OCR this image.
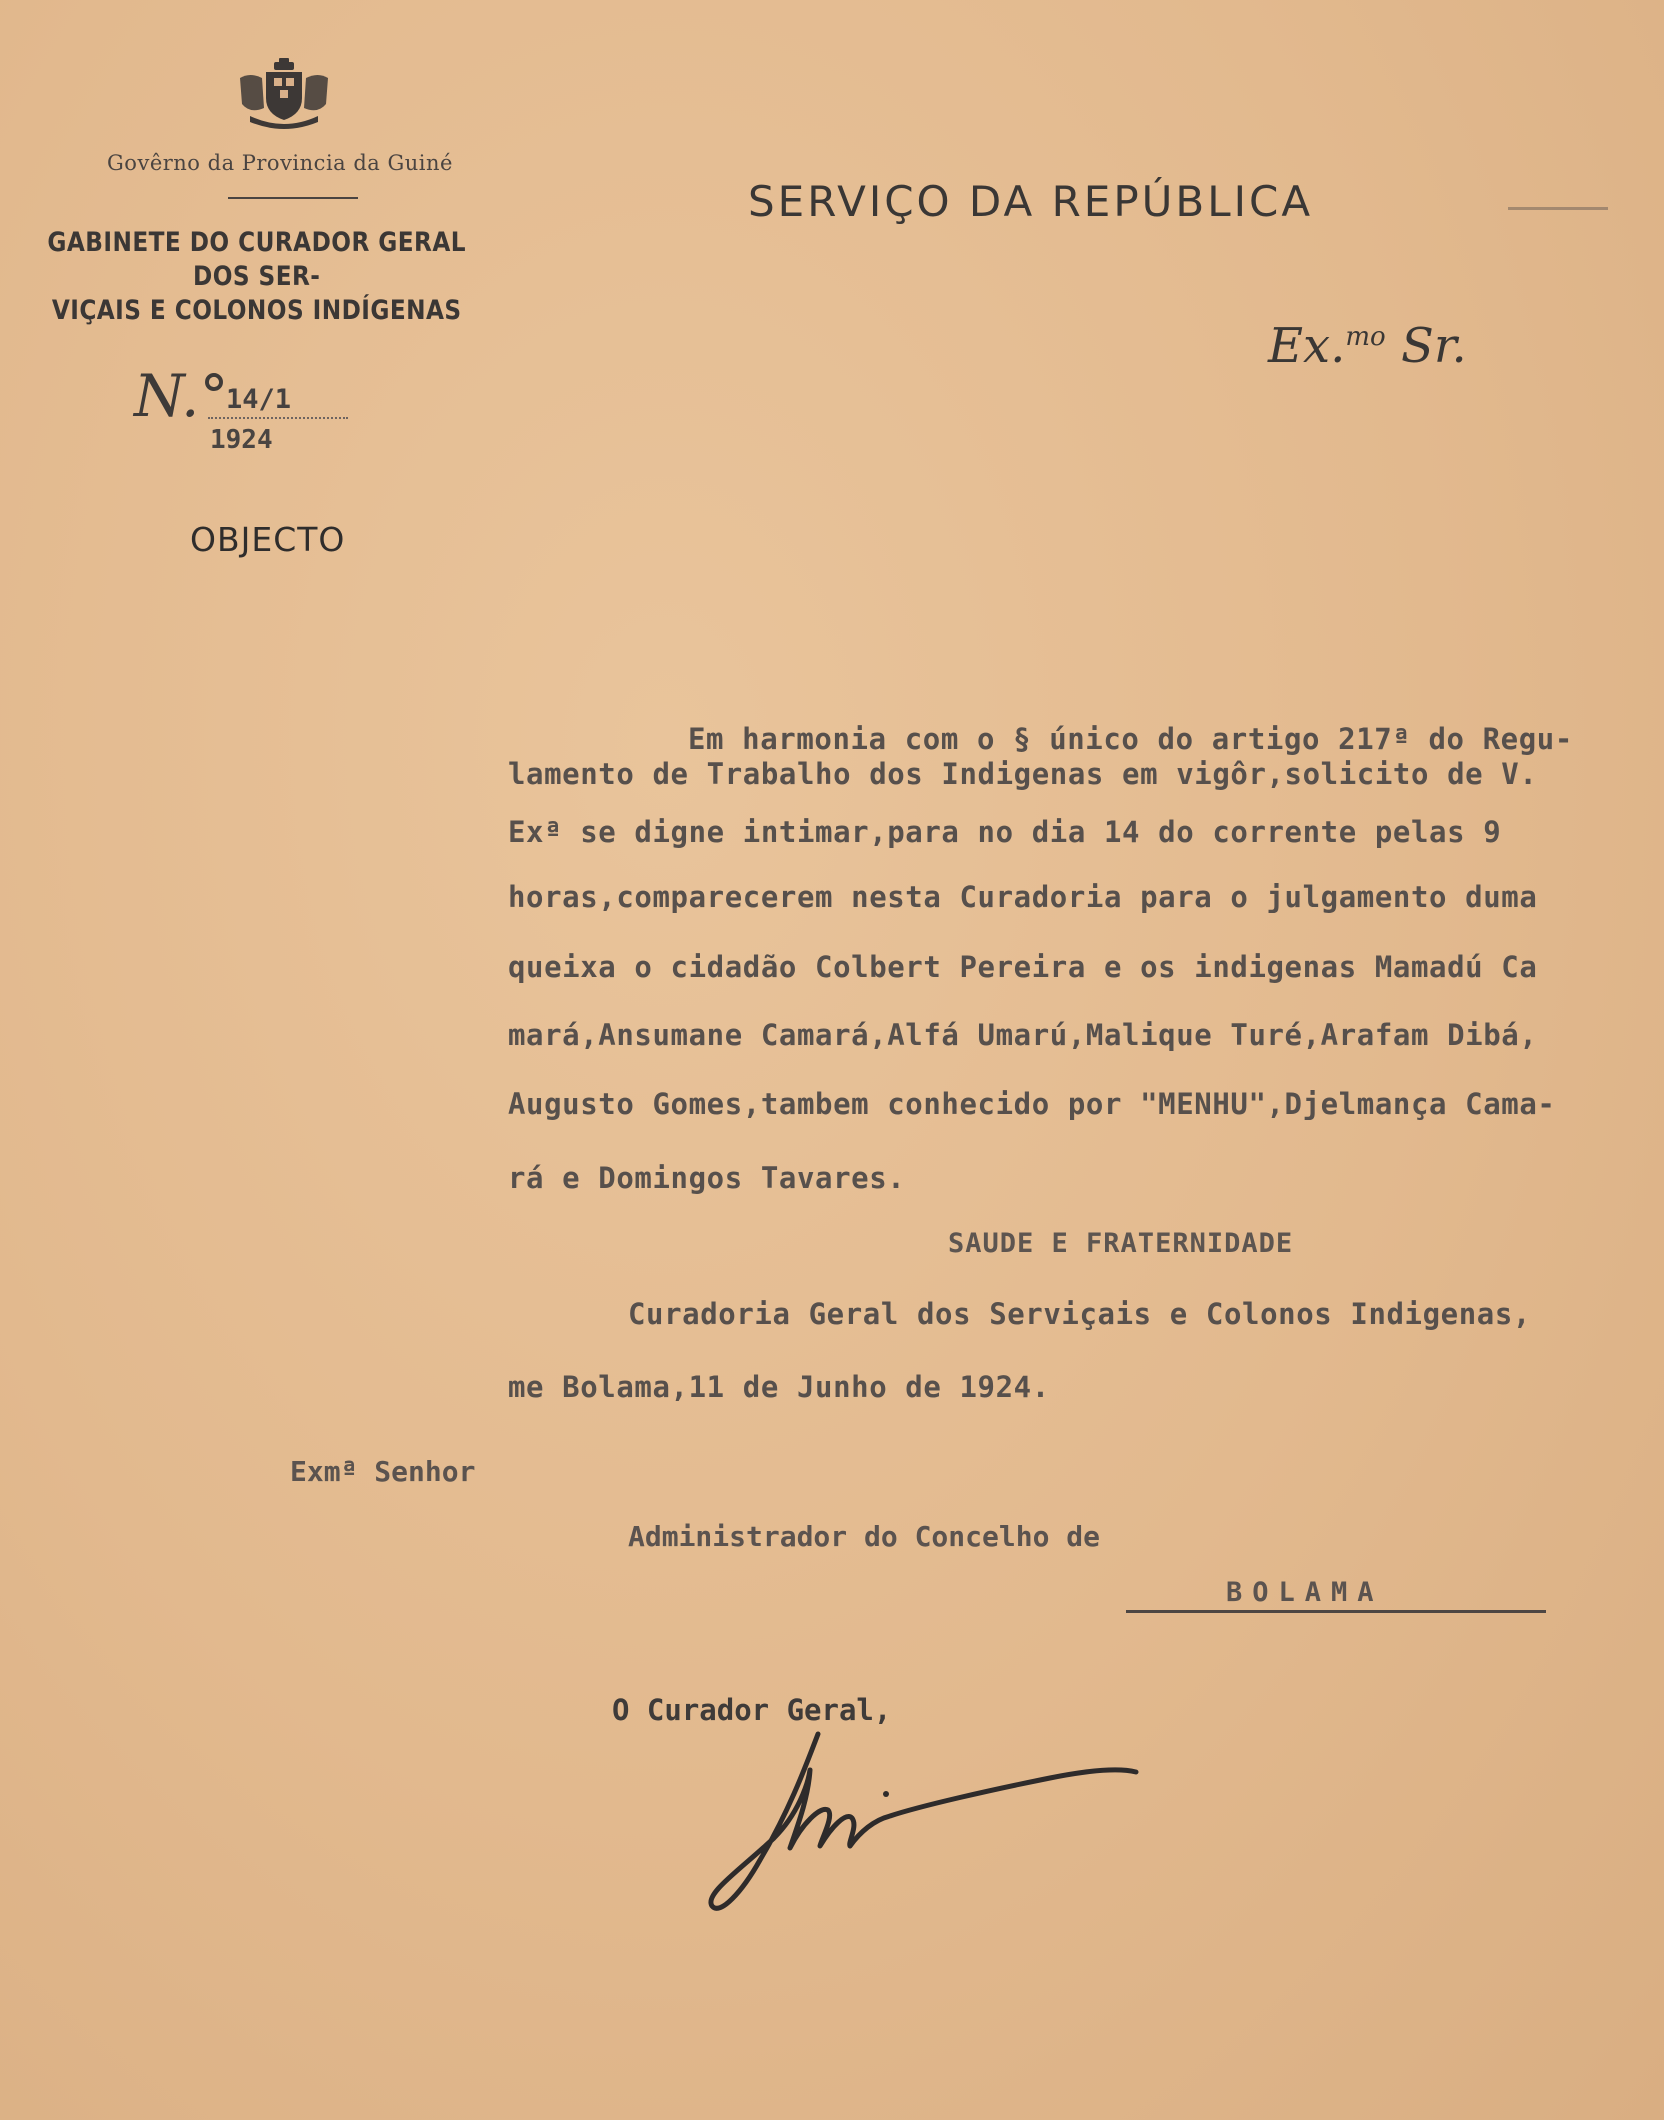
Govêrno da Provincia da Guiné
GABINETE DO CURADOR GERAL DOS SER-
VIÇAIS E COLONOS INDÍGENAS
N.°
14/1
1924
OBJECTO
SERVIÇO DA REPÚBLICA
Ex.$^{mo}$ Sr.
Em harmonia com o § único do artigo 217ª do Regu-
lamento de Trabalho dos Indigenas em vigôr,solicito de V.
Exª se digne intimar,para no dia 14 do corrente pelas 9
horas,comparecerem nesta Curadoria para o julgamento duma
queixa o cidadão Colbert Pereira e os indigenas Mamadú Ca
mará,Ansumane Camará,Alfá Umarú,Malique Turé,Arafam Dibá,
Augusto Gomes,tambem conhecido por "MENHU",Djelmança Cama-
rá e Domingos Tavares.
SAUDE E FRATERNIDADE
Curadoria Geral dos Serviçais e Colonos Indigenas,
me Bolama,11 de Junho de 1924.
Exmª Senhor
Administrador do Concelho de
BOLAMA
O Curador Geral,
